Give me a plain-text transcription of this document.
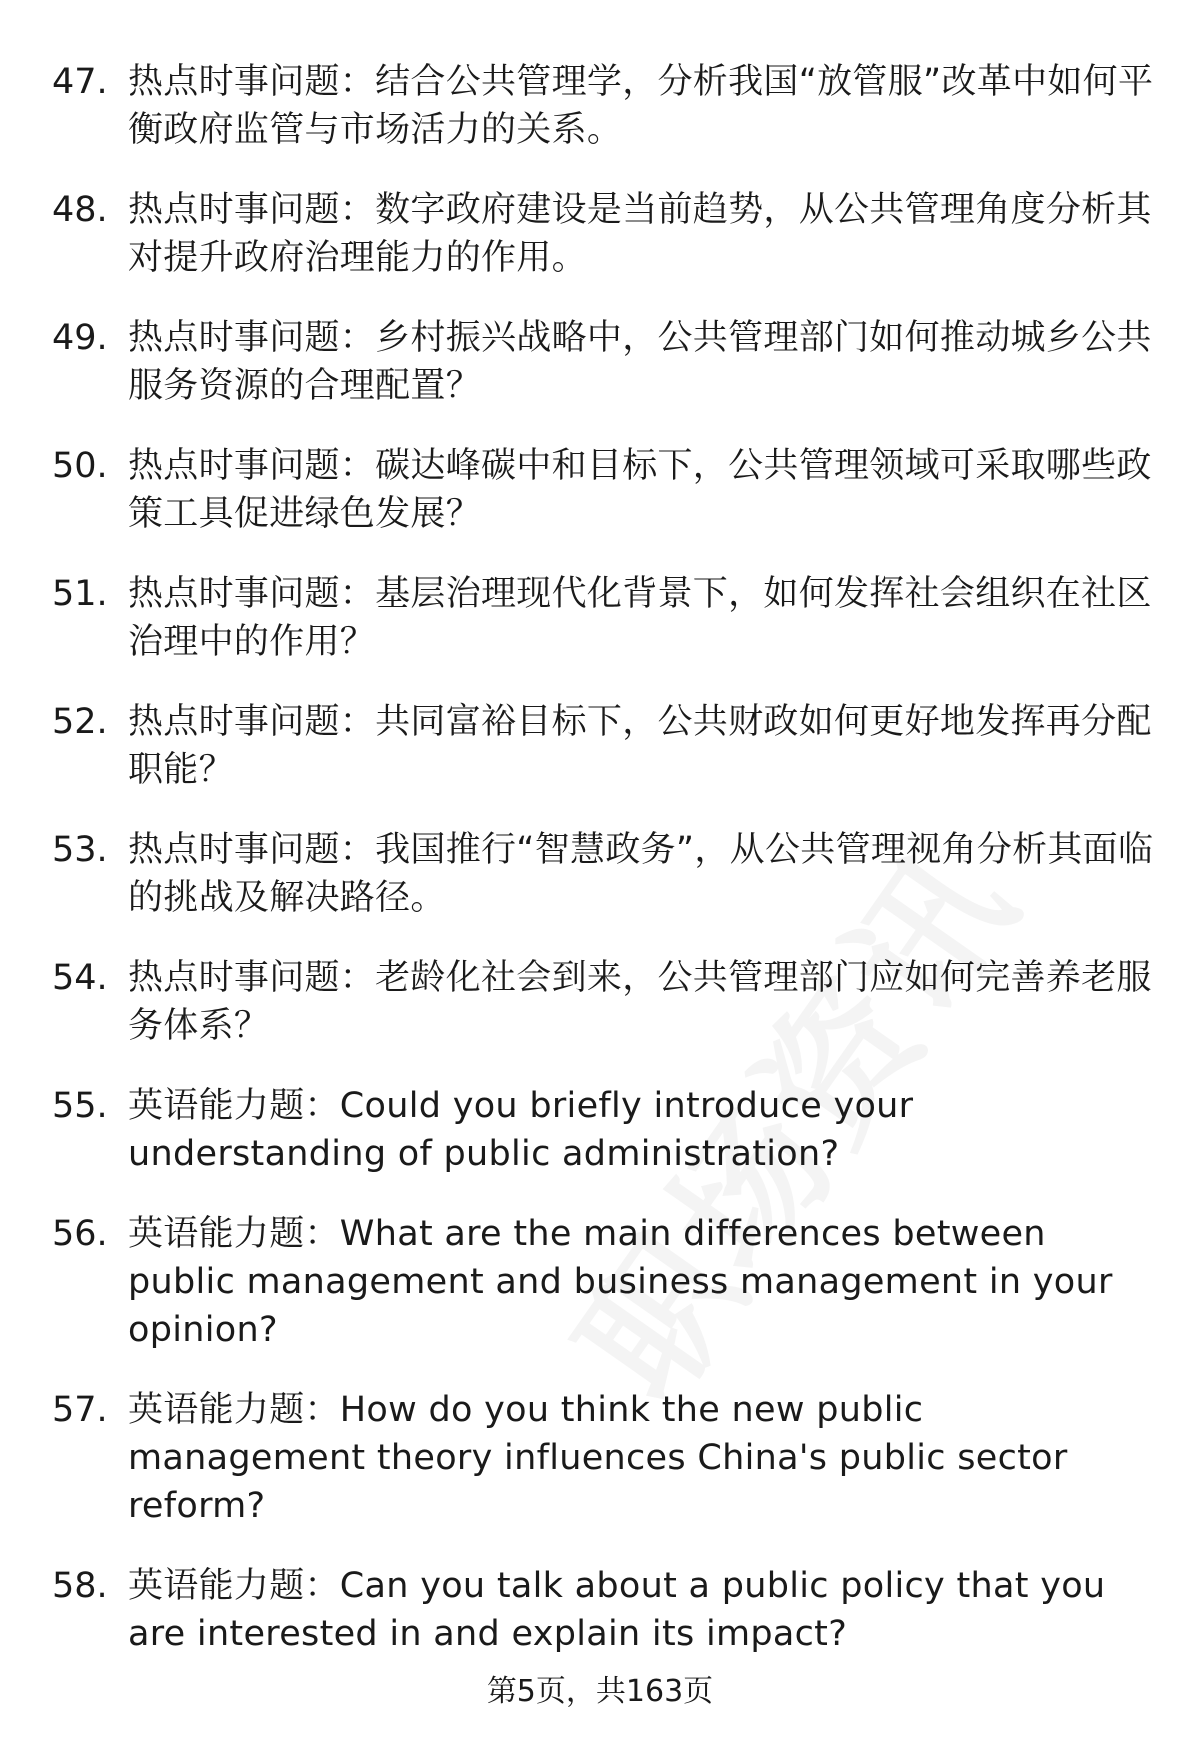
47. 热点时事问题：结合公共管理学，分析我国“放管服”改革中如何平衡政府监管与市场活力的关系。
48. 热点时事问题：数字政府建设是当前趋势，从公共管理角度分析其对提升政府治理能力的作用。
49. 热点时事问题：乡村振兴战略中，公共管理部门如何推动城乡公共服务资源的合理配置？
50. 热点时事问题：碳达峰碳中和目标下，公共管理领域可采取哪些政策工具促进绿色发展？
51. 热点时事问题：基层治理现代化背景下，如何发挥社会组织在社区治理中的作用？
52. 热点时事问题：共同富裕目标下，公共财政如何更好地发挥再分配职能？
53. 热点时事问题：我国推行“智慧政务”，从公共管理视角分析其面临的挑战及解决路径。
54. 热点时事问题：老龄化社会到来，公共管理部门应如何完善养老服务体系？
55. 英语能力题：Could you briefly introduce your understanding of public administration?
56. 英语能力题：What are the main differences between public management and business management in your opinion?
57. 英语能力题：How do you think the new public management theory influences China's public sector reform?
58. 英语能力题：Can you talk about a public policy that you are interested in and explain its impact?
第5页，共163页
